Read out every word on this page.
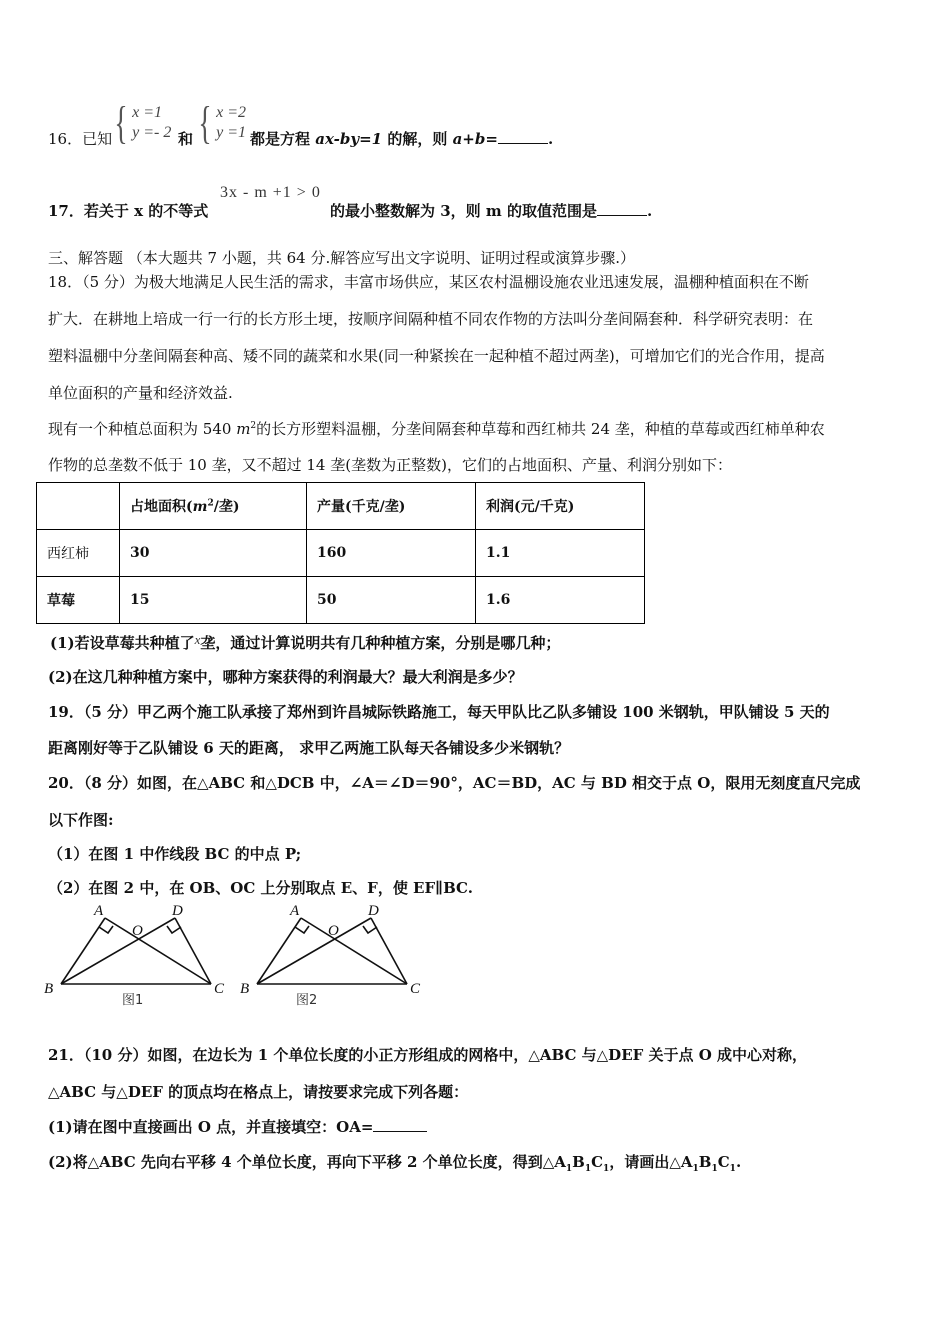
16．已知 { x =1
y =- 2 和 { x =2
y =1 都是方程 ax-by=1 的解，则 a+b=	.
17．若关于 x 的不等式
3x - m +1 > 0
的最小整数解为 3，则 m 的取值范围是	.
三、解答题 （本大题共 7 小题，共 64 分.解答应写出文字说明、证明过程或演算步骤.）
18．（5 分）为极大地满足人民生活的需求，丰富市场供应，某区农村温棚设施农业迅速发展，温棚种植面积在不断
扩大．在耕地上培成一行一行的长方形土埂，按顺序间隔种植不同农作物的方法叫分垄间隔套种．科学研究表明：在
塑料温棚中分垄间隔套种高、矮不同的蔬菜和水果(同一种紧挨在一起种植不超过两垄)，可增加它们的光合作用，提高
单位面积的产量和经济效益.
现有一个种植总面积为 540 $m^2$的长方形塑料温棚，分垄间隔套种草莓和西红柿共 24 垄，种植的草莓或西红柿单种农
作物的总垄数不低于 10 垄，又不超过 14 垄(垄数为正整数)，它们的占地面积、产量、利润分别如下：
	占地面积($m^2/$垄)	产量(千克/垄)	利润(元/千克)
西红柿	30	160	1.1
草莓	15	50	1.6
(1)若设草莓共种植了x垄，通过计算说明共有几种种植方案，分别是哪几种；
(2)在这几种种植方案中，哪种方案获得的利润最大？最大利润是多少？
19．（5 分）甲乙两个施工队承接了郑州到许昌城际铁路施工，每天甲队比乙队多铺设 100 米钢轨，甲队铺设 5 天的
距离刚好等于乙队铺设 6 天的距离， 求甲乙两施工队每天各铺设多少米钢轨？
20．（8 分）如图，在△ABC 和△DCB 中，∠A＝∠D＝90°，AC＝BD，AC 与 BD 相交于点 O，限用无刻度直尺完成
以下作图:
（1）在图 1 中作线段 BC 的中点 P;
（2）在图 2 中，在 OB、OC 上分别取点 E、F，使 EF∥BC.
A	D
O
B	C
图1
A	D
O
B	C
图2
21．（10 分）如图，在边长为 1 个单位长度的小正方形组成的网格中，△ABC 与△DEF 关于点 O 成中心对称，
△ABC 与△DEF 的顶点均在格点上，请按要求完成下列各题：
(1)请在图中直接画出 O 点，并直接填空：OA=
(2)将△ABC 先向右平移 4 个单位长度，再向下平移 2 个单位长度，得到$\triangle A_1B_1C_1$，请画出$\triangle A_1B_1C_1$.
